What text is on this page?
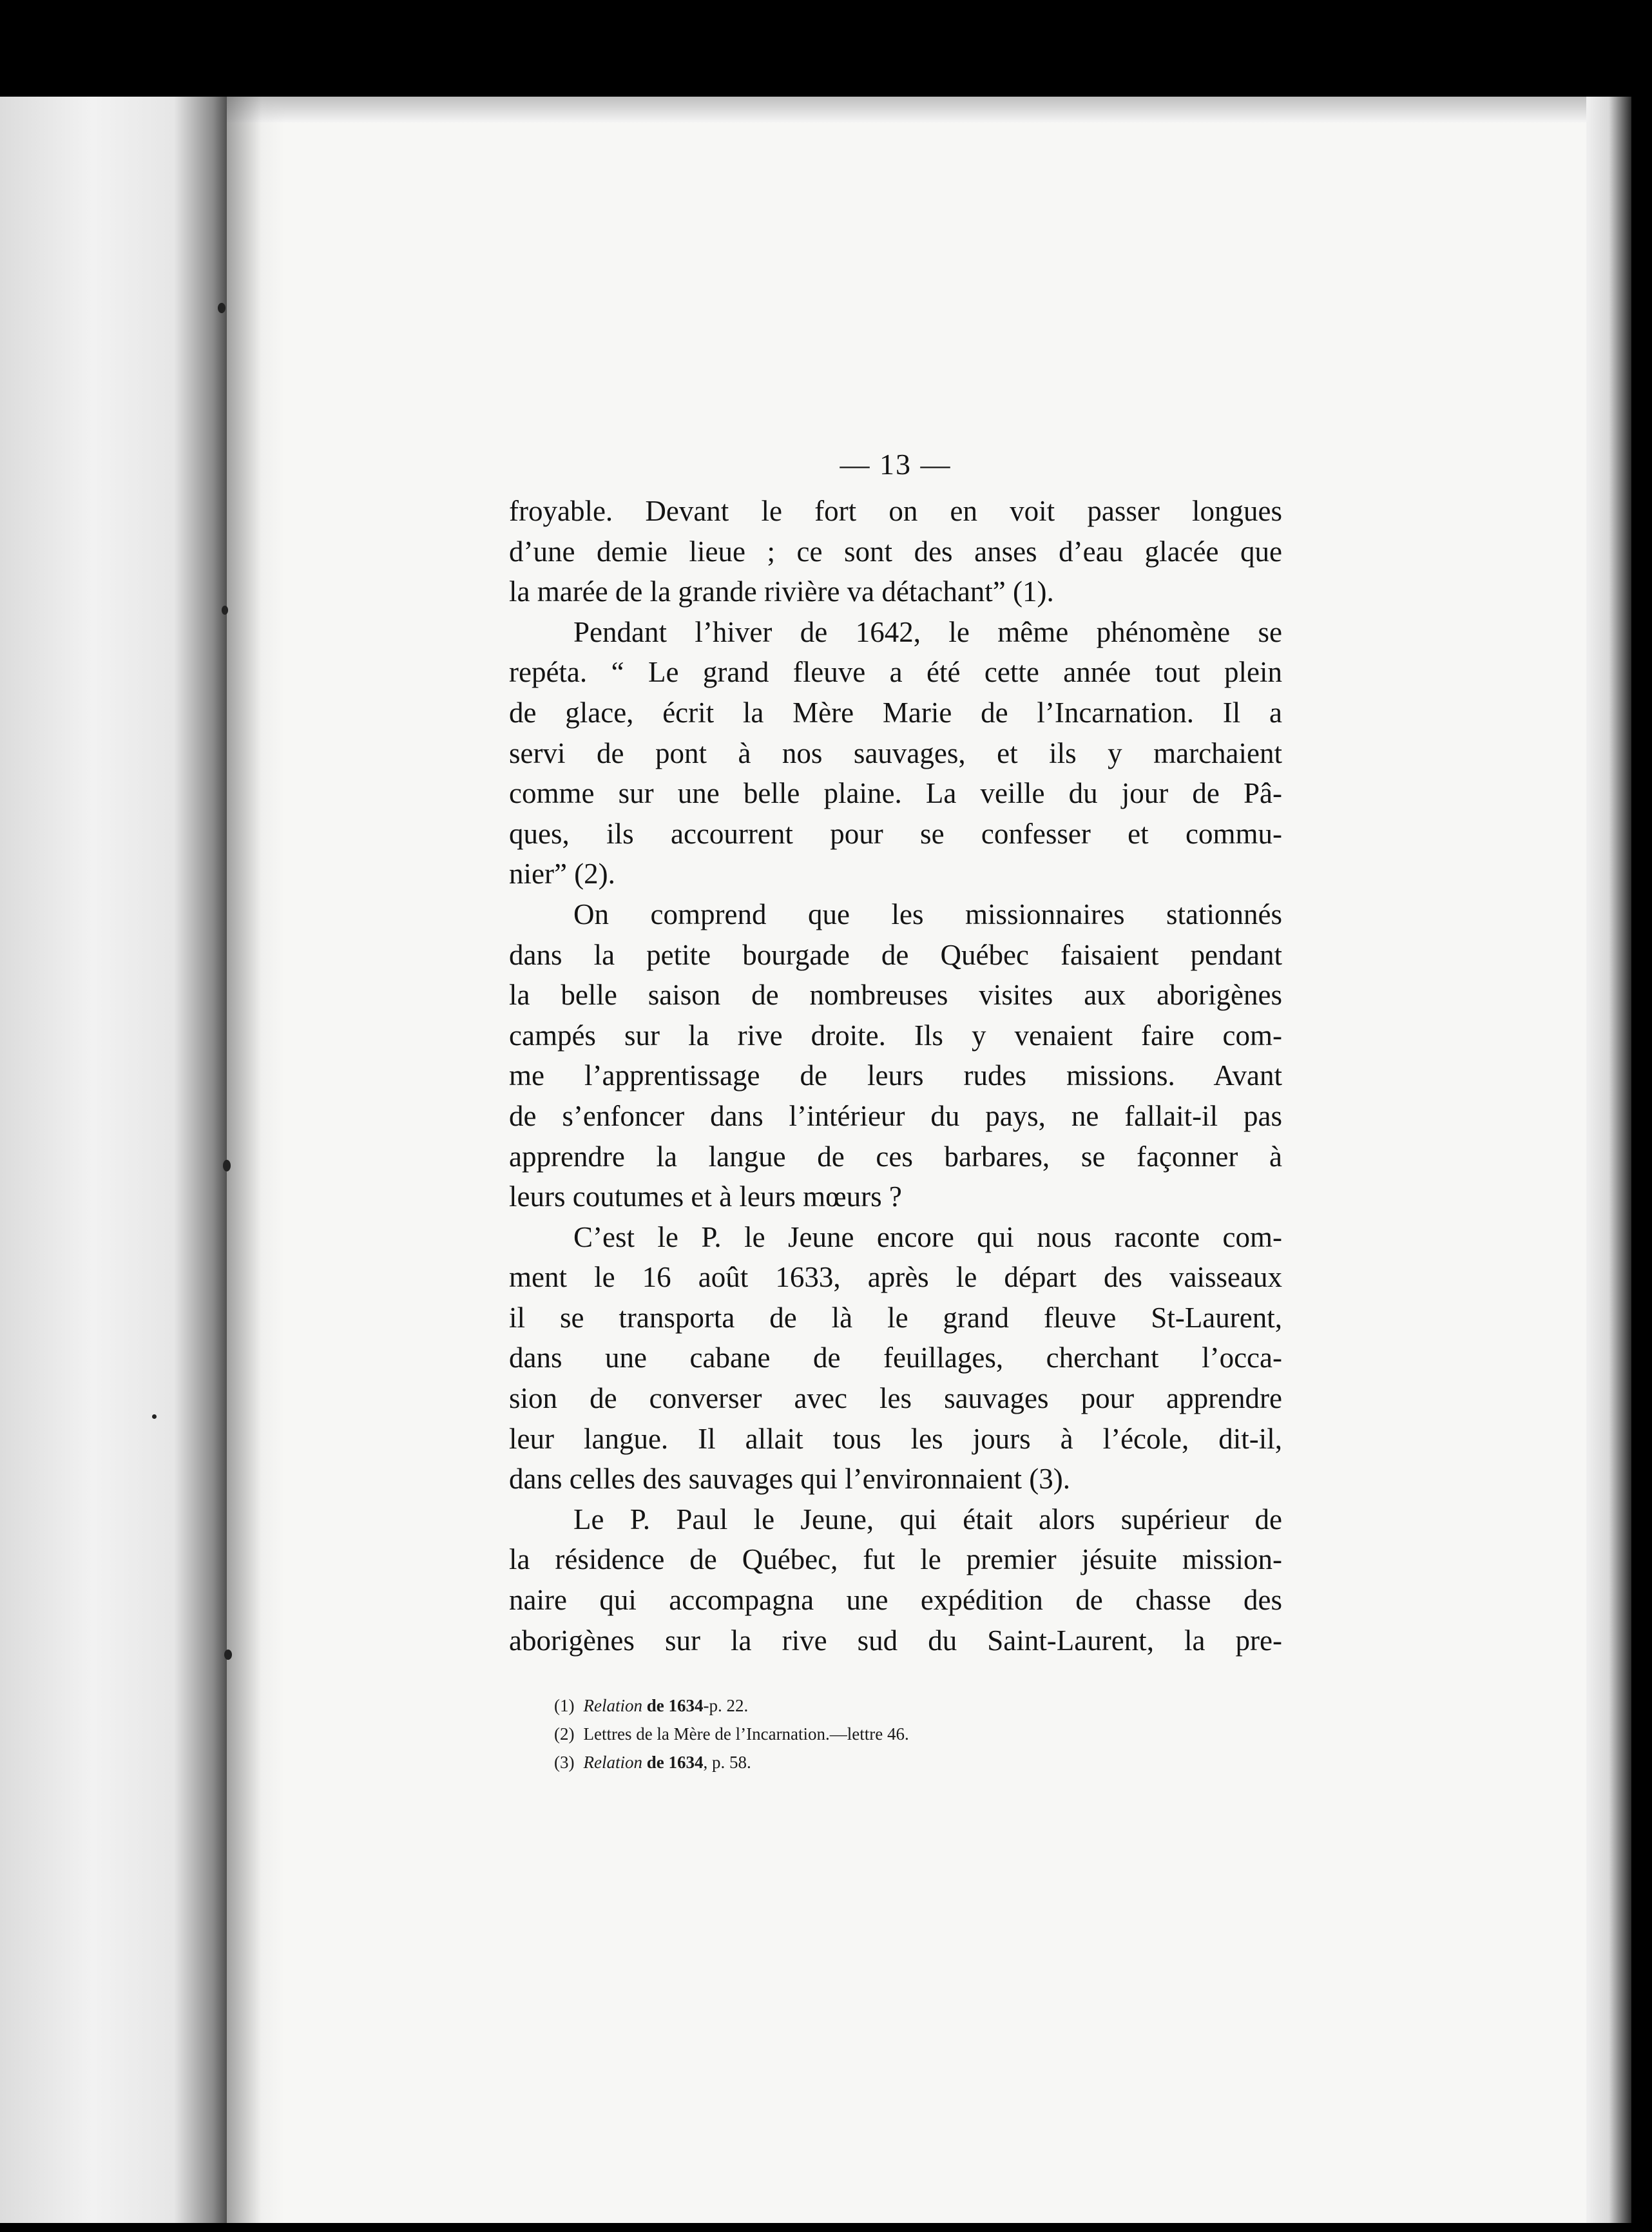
— 13 —
froyable. Devant le fort on en voit passer longues
d’une demie lieue ; ce sont des anses d’eau glacée que
la marée de la grande rivière va détachant” (1).
Pendant l’hiver de 1642, le même phénomène se
repéta. “ Le grand fleuve a été cette année tout plein
de glace, écrit la Mère Marie de l’Incarnation. Il a
servi de pont à nos sauvages, et ils y marchaient
comme sur une belle plaine. La veille du jour de Pâ-
ques, ils accourrent pour se confesser et commu-
nier” (2).
On comprend que les missionnaires stationnés
dans la petite bourgade de Québec faisaient pendant
la belle saison de nombreuses visites aux aborigènes
campés sur la rive droite. Ils y venaient faire com-
me l’apprentissage de leurs rudes missions. Avant
de s’enfoncer dans l’intérieur du pays, ne fallait-il pas
apprendre la langue de ces barbares, se façonner à
leurs coutumes et à leurs mœurs ?
C’est le P. le Jeune encore qui nous raconte com-
ment le 16 août 1633, après le départ des vaisseaux
il se transporta de là le grand fleuve St-Laurent,
dans une cabane de feuillages, cherchant l’occa-
sion de converser avec les sauvages pour apprendre
leur langue. Il allait tous les jours à l’école, dit-il,
dans celles des sauvages qui l’environnaient (3).
Le P. Paul le Jeune, qui était alors supérieur de
la résidence de Québec, fut le premier jésuite mission-
naire qui accompagna une expédition de chasse des
aborigènes sur la rive sud du Saint-Laurent, la pre-
(1) Relation de 1634-p. 22.
(2) Lettres de la Mère de l’Incarnation.—lettre 46.
(3) Relation de 1634, p. 58.
